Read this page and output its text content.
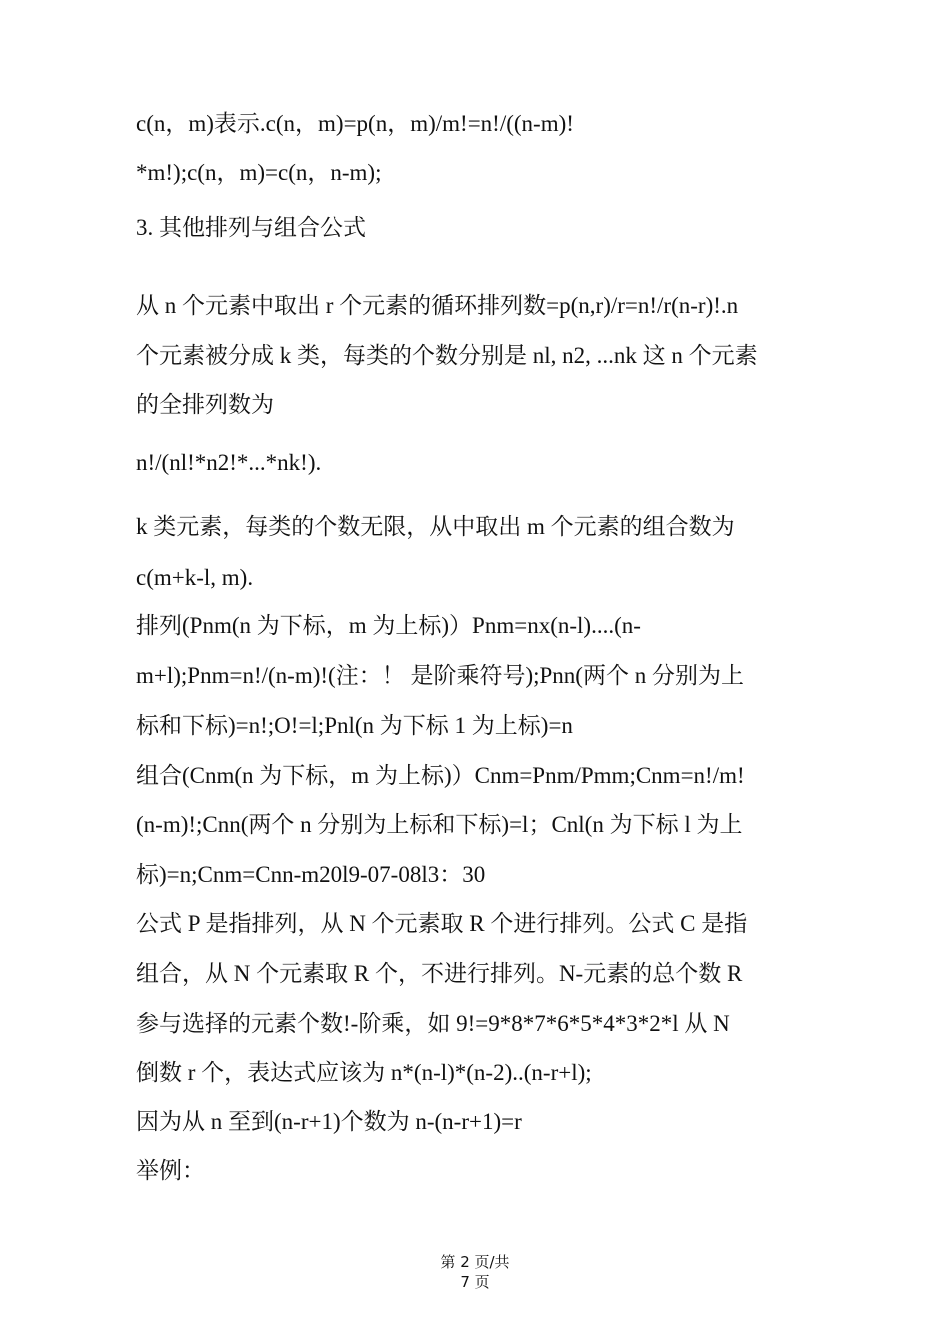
c(n，m)表示.c(n，m)=p(n，m)/m!=n!/((n-m)!
*m!);c(n，m)=c(n，n-m);
3. 其他排列与组合公式
从 n 个元素中取出 r 个元素的循环排列数=p(n,r)/r=n!/r(n-r)!.n
个元素被分成 k 类，每类的个数分别是 nl, n2, ...nk 这 n 个元素
的全排列数为
n!/(nl!*n2!*...*nk!).
k 类元素，每类的个数无限，从中取出 m 个元素的组合数为
c(m+k-l, m).
排列(Pnm(n 为下标，m 为上标)）Pnm=nx(n-l)....(n-
m+l);Pnm=n!/(n-m)!(注：！ 是阶乘符号);Pnn(两个 n 分别为上
标和下标)=n!;O!=l;Pnl(n 为下标 1 为上标)=n
组合(Cnm(n 为下标，m 为上标)）Cnm=Pnm/Pmm;Cnm=n!/m!
(n-m)!;Cnn(两个 n 分别为上标和下标)=l；Cnl(n 为下标 l 为上
标)=n;Cnm=Cnn-m20l9-07-08l3：30
公式 P 是指排列，从 N 个元素取 R 个进行排列。公式 C 是指
组合，从 N 个元素取 R 个，不进行排列。N-元素的总个数 R
参与选择的元素个数!-阶乘，如 9!=9*8*7*6*5*4*3*2*l 从 N
倒数 r 个，表达式应该为 n*(n-l)*(n-2)..(n-r+l);
因为从 n 至到(n-r+1)个数为 n-(n-r+1)=r
举例：
第 2 页/共
7 页
